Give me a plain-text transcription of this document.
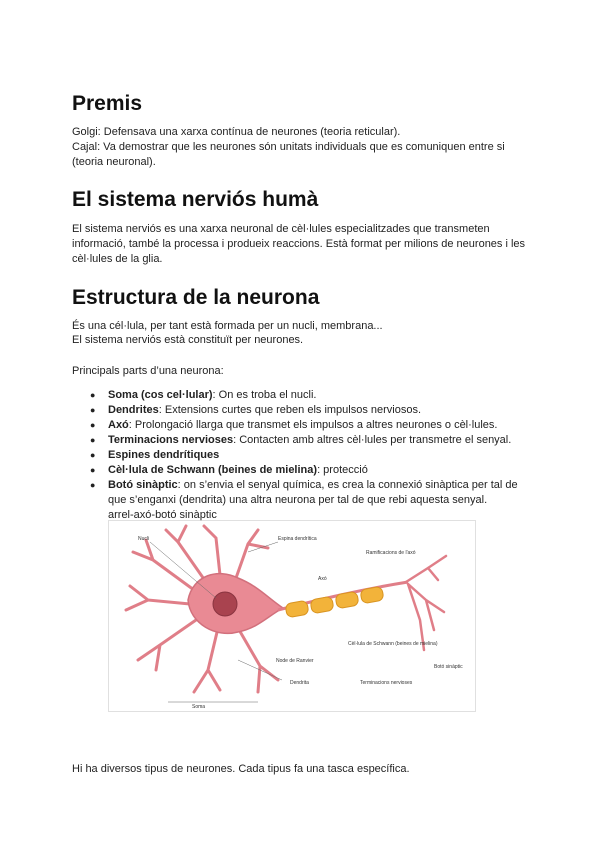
Premis

Golgi: Defensava una xarxa contínua de neurones (teoria reticular).

Cajal: Va demostrar que les neurones són unitats individuals que es comuniquen entre si (teoria neuronal).

El sistema nerviós humà

El sistema nerviós es una xarxa neuronal de cèl·lules especialitzades que transmeten informació, també la processa i produeix reaccions. Està format per milions de neurones i les cèl·lules de la glia.

Estructura de la neurona

És una cél·lula, per tant està formada per un nucli, membrana...

El sistema nerviós està constituït per neurones.

Principals parts d’una neurona:

● Soma (cos cel·lular): On es troba el nucli.
● Dendrites: Extensions curtes que reben els impulsos nerviosos.
● Axó: Prolongació llarga que transmet els impulsos a altres neurones o cèl·lules.
● Terminacions nervioses: Contacten amb altres cèl·lules per transmetre el senyal.
● Espines dendrítiques
● Cèl·lula de Schwann (beines de mielina): protecció
● Botó sinàptic: on s’envia el senyal química, es crea la connexió sinàptica per tal de que s’enganxi (dendrita) una altra neurona per tal de que rebi aquesta senyal.
arrel-axó-botó sinàptic
Nucli	Espina dendrítica
Ramificacions de l'axó
Axó
Cèl·lula de Schwann (beines de mielina)
Node de Ranvier
Dendrita	Terminacions nervioses
Botó sinàptic
Soma

Hi ha diversos tipus de neurones. Cada tipus fa una tasca específica.
